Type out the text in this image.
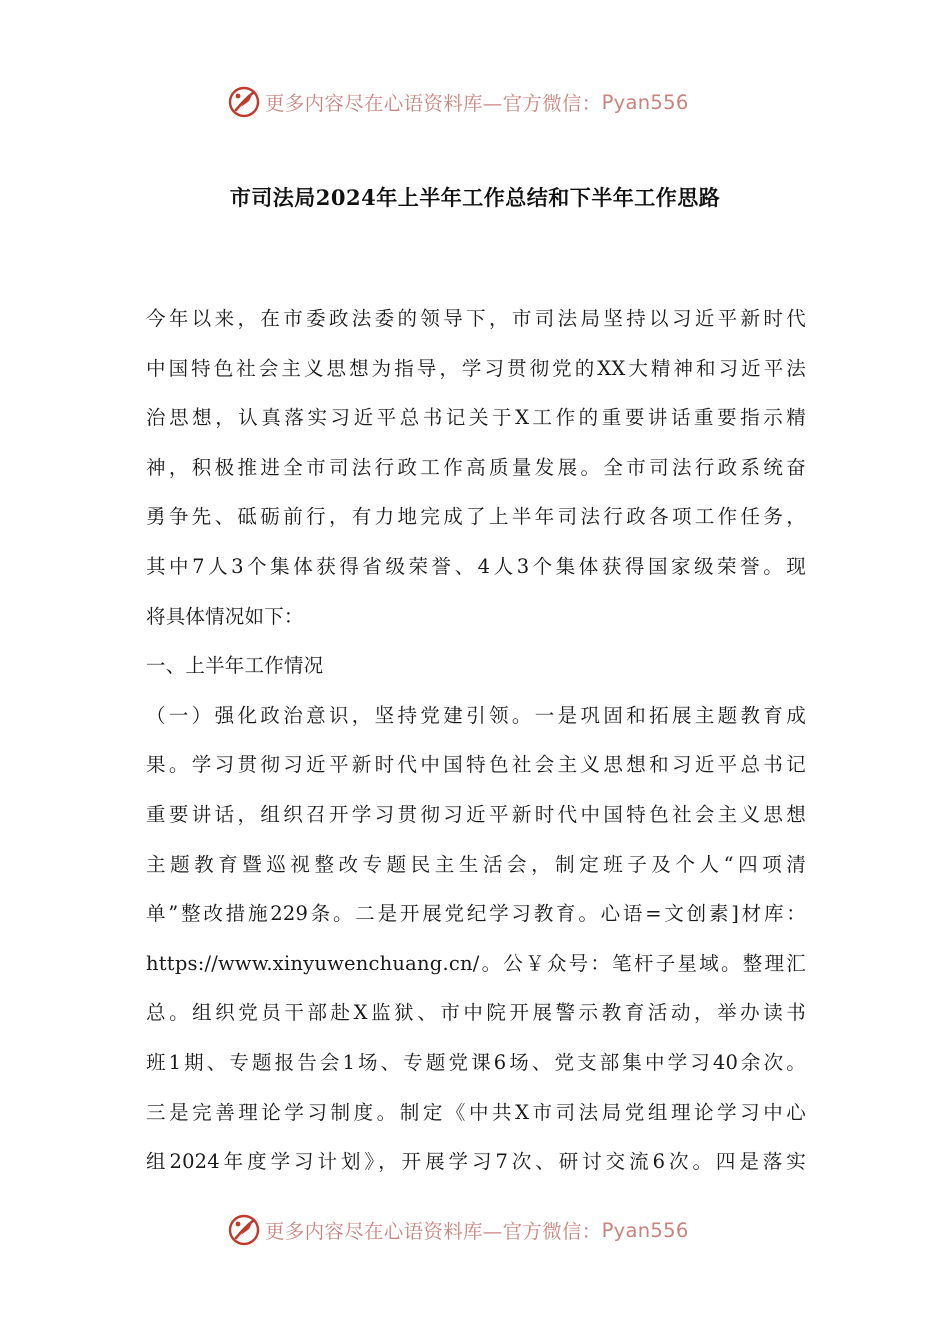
更多内容尽在心语资料库—官方微信： Pyan556
市司法局2024年上半年工作总结和下半年工作思路
今年以来，在市委政法委的领导下，市司法局坚持以习近平新时代
中国特色社会主义思想为指导，学习贯彻党的XX大精神和习近平法
治思想，认真落实习近平总书记关于X工作的重要讲话重要指示精
神，积极推进全市司法行政工作高质量发展。全市司法行政系统奋
勇争先、砥砺前行，有力地完成了上半年司法行政各项工作任务，
其中7人3个集体获得省级荣誉、4人3个集体获得国家级荣誉。现
将具体情况如下：
一、上半年工作情况
（一）强化政治意识，坚持党建引领。一是巩固和拓展主题教育成
果。学习贯彻习近平新时代中国特色社会主义思想和习近平总书记
重要讲话，组织召开学习贯彻习近平新时代中国特色社会主义思想
主题教育暨巡视整改专题民主生活会，制定班子及个人“四项清
单”整改措施229条。二是开展党纪学习教育。心语=文创素]材库：
https://www.xinyuwenchuang.cn/。公￥众号：笔杆子星域。整理汇
总。组织党员干部赴X监狱、市中院开展警示教育活动，举办读书
班1期、专题报告会1场、专题党课6场、党支部集中学习40余次。
三是完善理论学习制度。制定《中共X市司法局党组理论学习中心
组2024年度学习计划》，开展学习7次、研讨交流6次。四是落实
更多内容尽在心语资料库—官方微信： Pyan556
